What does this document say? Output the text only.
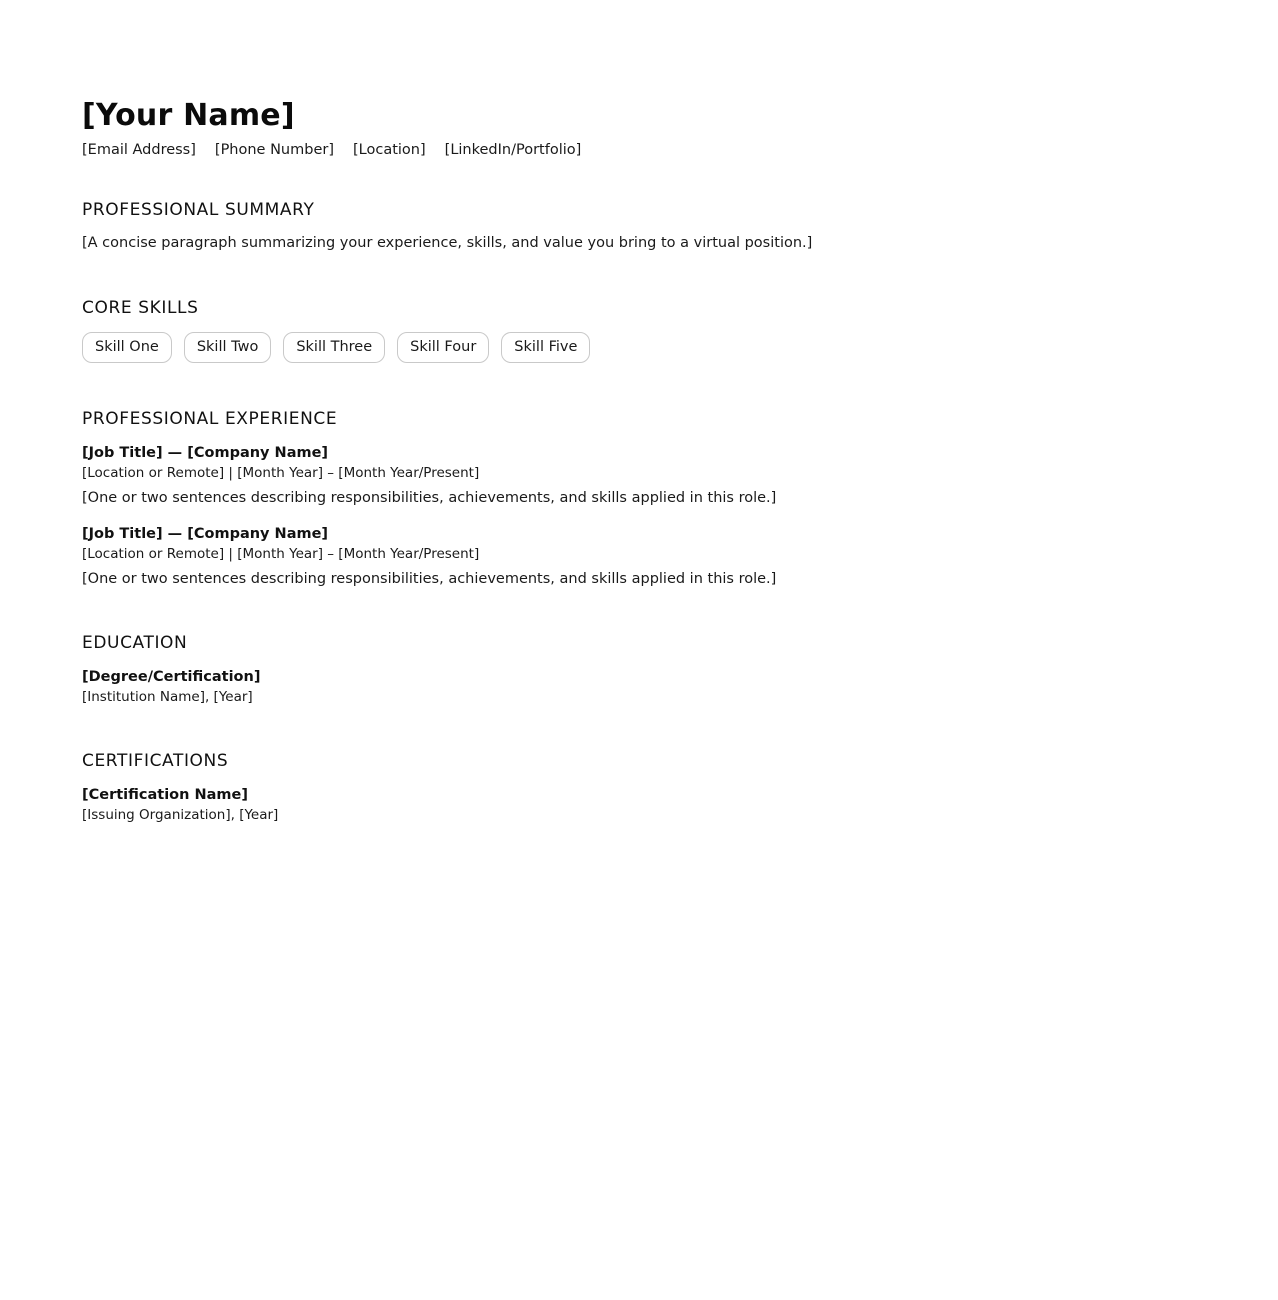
[Your Name]
[Email Address] [Phone Number] [Location] [LinkedIn/Portfolio]
PROFESSIONAL SUMMARY
[A concise paragraph summarizing your experience, skills, and value you bring to a virtual position.]
CORE SKILLS
Skill One	Skill Two	Skill Three	Skill Four	Skill Five
PROFESSIONAL EXPERIENCE
[Job Title] — [Company Name]
[Location or Remote] | [Month Year] – [Month Year/Present]
[One or two sentences describing responsibilities, achievements, and skills applied in this role.]
[Job Title] — [Company Name]
[Location or Remote] | [Month Year] – [Month Year/Present]
[One or two sentences describing responsibilities, achievements, and skills applied in this role.]
EDUCATION
[Degree/Certification]
[Institution Name], [Year]
CERTIFICATIONS
[Certification Name]
[Issuing Organization], [Year]
